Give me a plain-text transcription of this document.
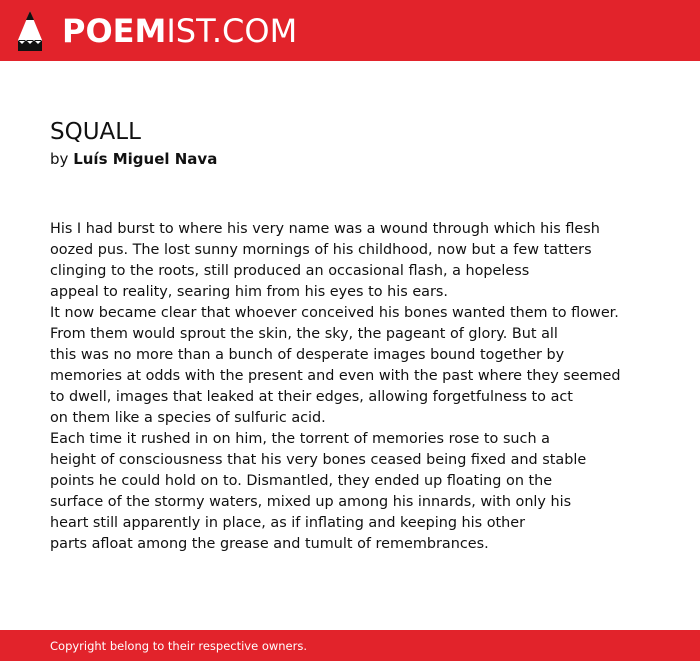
POEMIST.COM
SQUALL
by Luís Miguel Nava
His I had burst to where his very name was a wound through which his flesh
oozed pus. The lost sunny mornings of his childhood, now but a few tatters
clinging to the roots, still produced an occasional flash, a hopeless
appeal to reality, searing him from his eyes to his ears.
It now became clear that whoever conceived his bones wanted them to flower.
From them would sprout the skin, the sky, the pageant of glory. But all
this was no more than a bunch of desperate images bound together by
memories at odds with the present and even with the past where they seemed
to dwell, images that leaked at their edges, allowing forgetfulness to act
on them like a species of sulfuric acid.
Each time it rushed in on him, the torrent of memories rose to such a
height of consciousness that his very bones ceased being fixed and stable
points he could hold on to. Dismantled, they ended up floating on the
surface of the stormy waters, mixed up among his innards, with only his
heart still apparently in place, as if inflating and keeping his other
parts afloat among the grease and tumult of remembrances.
Copyright belong to their respective owners.
